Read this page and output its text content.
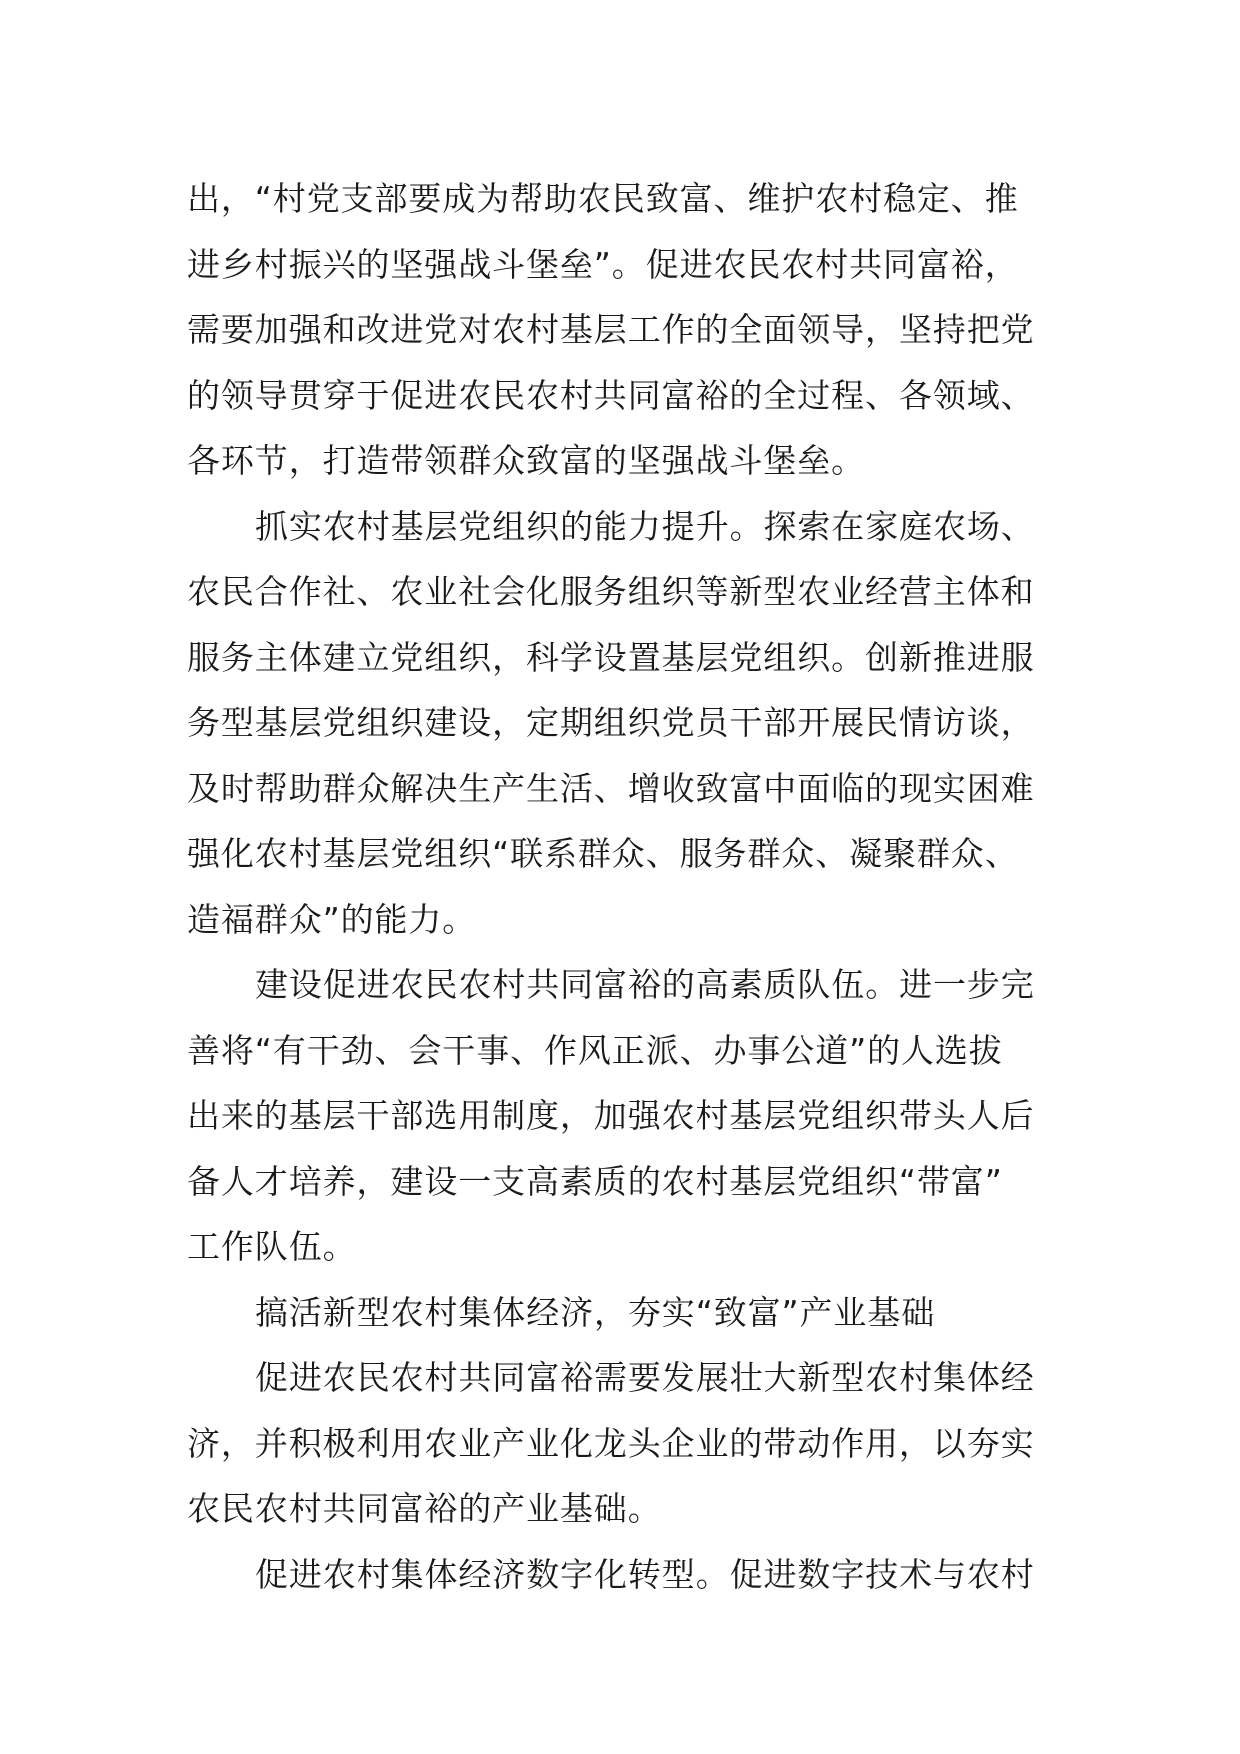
出，“村党支部要成为帮助农民致富、维护农村稳定、推
进乡村振兴的坚强战斗堡垒”。促进农民农村共同富裕，
需要加强和改进党对农村基层工作的全面领导，坚持把党
的领导贯穿于促进农民农村共同富裕的全过程、各领域、
各环节，打造带领群众致富的坚强战斗堡垒。

抓实农村基层党组织的能力提升。探索在家庭农场、
农民合作社、农业社会化服务组织等新型农业经营主体和
服务主体建立党组织，科学设置基层党组织。创新推进服
务型基层党组织建设，定期组织党员干部开展民情访谈，
及时帮助群众解决生产生活、增收致富中面临的现实困难
强化农村基层党组织“联系群众、服务群众、凝聚群众、
造福群众”的能力。

建设促进农民农村共同富裕的高素质队伍。进一步完
善将“有干劲、会干事、作风正派、办事公道”的人选拔
出来的基层干部选用制度，加强农村基层党组织带头人后
备人才培养，建设一支高素质的农村基层党组织“带富”
工作队伍。

搞活新型农村集体经济，夯实“致富”产业基础

促进农民农村共同富裕需要发展壮大新型农村集体经
济，并积极利用农业产业化龙头企业的带动作用，以夯实
农民农村共同富裕的产业基础。

促进农村集体经济数字化转型。促进数字技术与农村
